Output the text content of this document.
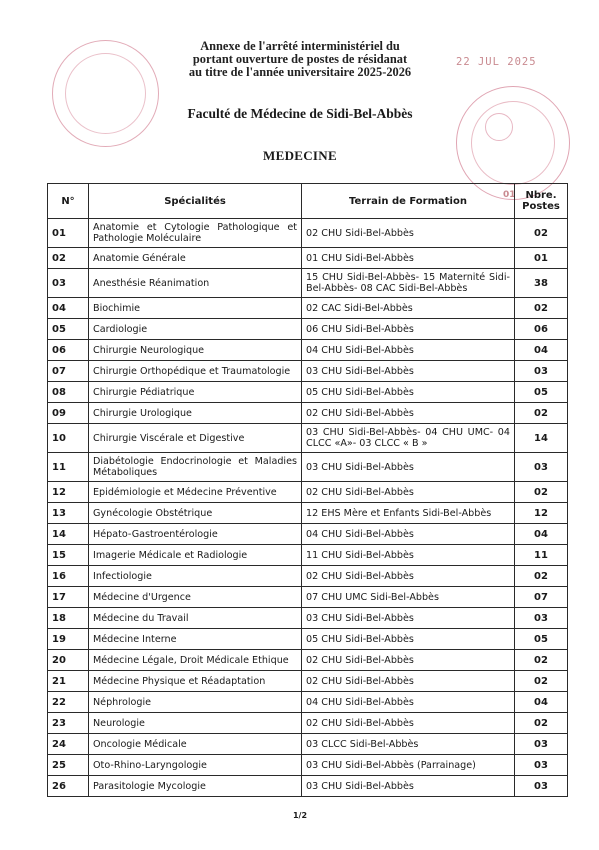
01
22 JUL 2025
Annexe de l'arrêté interministériel du
portant ouverture de postes de résidanat
au titre de l'année universitaire 2025-2026
Faculté de Médecine de Sidi-Bel-Abbès
MEDECINE
N°	Spécialités	Terrain de Formation	Nbre. Postes
01	Anatomie et Cytologie Pathologique et Pathologie Moléculaire	02 CHU Sidi-Bel-Abbès	02
02	Anatomie Générale	01 CHU Sidi-Bel-Abbès	01
03	Anesthésie Réanimation	15 CHU Sidi-Bel-Abbès- 15 Maternité Sidi-Bel-Abbès- 08 CAC Sidi-Bel-Abbès	38
04	Biochimie	02 CAC Sidi-Bel-Abbès	02
05	Cardiologie	06 CHU Sidi-Bel-Abbès	06
06	Chirurgie Neurologique	04 CHU Sidi-Bel-Abbès	04
07	Chirurgie Orthopédique et Traumatologie	03 CHU Sidi-Bel-Abbès	03
08	Chirurgie Pédiatrique	05 CHU Sidi-Bel-Abbès	05
09	Chirurgie Urologique	02 CHU Sidi-Bel-Abbès	02
10	Chirurgie Viscérale et Digestive	03 CHU Sidi-Bel-Abbès- 04 CHU UMC- 04 CLCC «A»- 03 CLCC « B »	14
11	Diabétologie Endocrinologie et Maladies Métaboliques	03 CHU Sidi-Bel-Abbès	03
12	Epidémiologie et Médecine Préventive	02 CHU Sidi-Bel-Abbès	02
13	Gynécologie Obstétrique	12 EHS Mère et Enfants Sidi-Bel-Abbès	12
14	Hépato-Gastroentérologie	04 CHU Sidi-Bel-Abbès	04
15	Imagerie Médicale et Radiologie	11 CHU Sidi-Bel-Abbès	11
16	Infectiologie	02 CHU Sidi-Bel-Abbès	02
17	Médecine d'Urgence	07 CHU UMC Sidi-Bel-Abbès	07
18	Médecine du Travail	03 CHU Sidi-Bel-Abbès	03
19	Médecine Interne	05 CHU Sidi-Bel-Abbès	05
20	Médecine Légale, Droit Médicale Ethique	02 CHU Sidi-Bel-Abbès	02
21	Médecine Physique et Réadaptation	02 CHU Sidi-Bel-Abbès	02
22	Néphrologie	04 CHU Sidi-Bel-Abbès	04
23	Neurologie	02 CHU Sidi-Bel-Abbès	02
24	Oncologie Médicale	03 CLCC Sidi-Bel-Abbès	03
25	Oto-Rhino-Laryngologie	03 CHU Sidi-Bel-Abbès (Parrainage)	03
26	Parasitologie Mycologie	03 CHU Sidi-Bel-Abbès	03
1/2
